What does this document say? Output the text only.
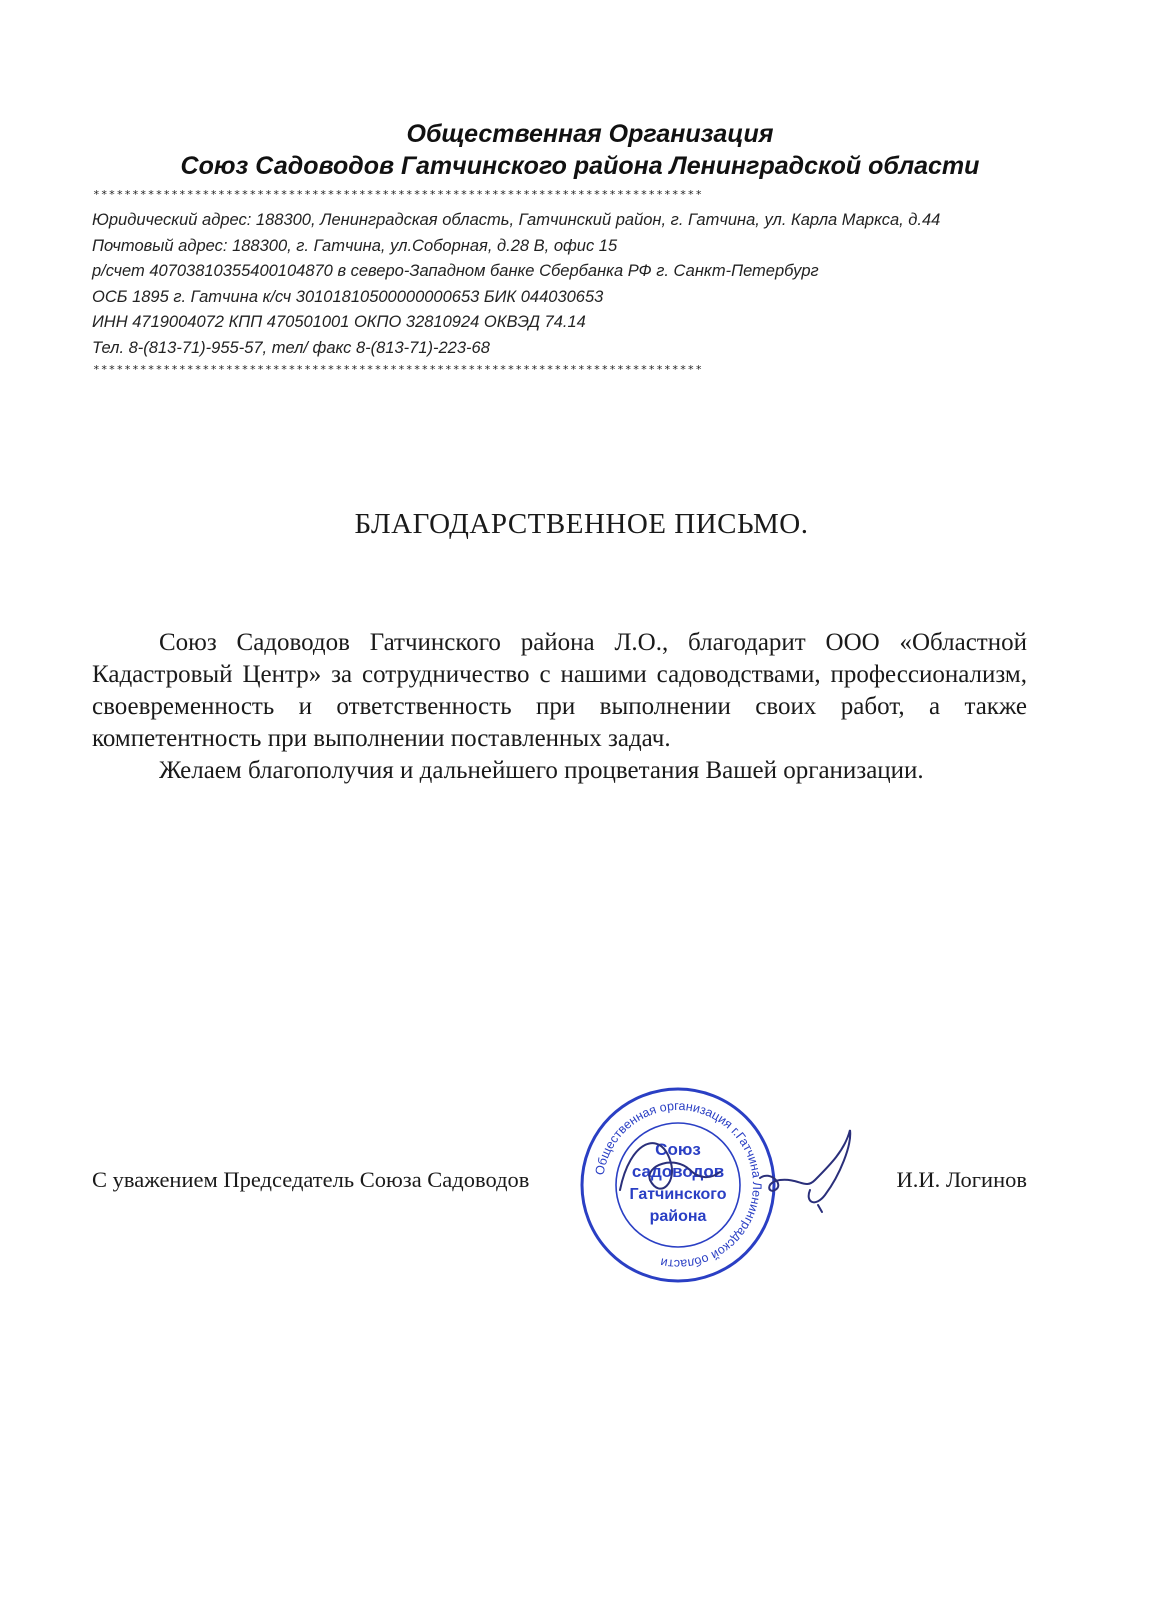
Общественная Организация
Союз Садоводов Гатчинского района Ленинградской области
******************************************************************************
Юридический адрес: 188300, Ленинградская область, Гатчинский район, г. Гатчина, ул. Карла Маркса, д.44
Почтовый адрес: 188300, г. Гатчина, ул.Соборная, д.28 В, офис 15
р/счет 40703810355400104870 в северо-Западном банке Сбербанка РФ г. Санкт-Петербург
ОСБ 1895 г. Гатчина к/сч 30101810500000000653 БИК 044030653
ИНН 4719004072 КПП 470501001 ОКПО 32810924 ОКВЭД 74.14
Тел. 8-(813-71)-955-57, тел/ факс 8-(813-71)-223-68
******************************************************************************
БЛАГОДАРСТВЕННОЕ ПИСЬМО.

Союз Садоводов Гатчинского района Л.О., благодарит ООО «Областной Кадастровый Центр» за сотрудничество с нашими садоводствами, профессионализм, своевременность и ответственность при выполнении своих работ, а также компетентность при выполнении поставленных задач.

Желаем благополучия и дальнейшего процветания Вашей организации.

С уважением Председатель Союза Садоводов	И.И. Логинов
Общественная организация г.Гатчина Ленинградской области
Союз
садоводов
Гатчинского
района
